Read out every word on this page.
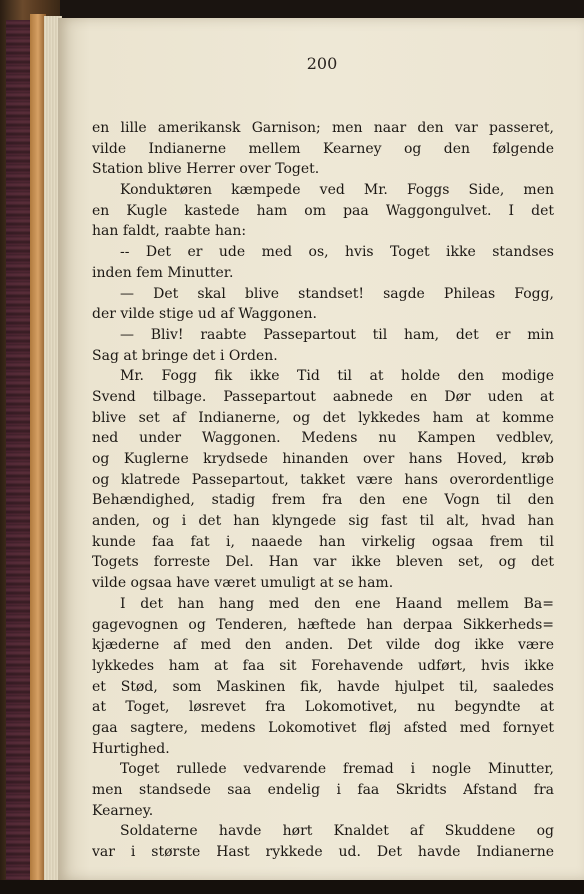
200
en lille amerikansk Garnison; men naar den var passeret,
vilde Indianerne mellem Kearney og den følgende
Station blive Herrer over Toget.
Konduktøren kæmpede ved Mr. Foggs Side, men
en Kugle kastede ham om paa Waggongulvet. I det
han faldt, raabte han:
-- Det er ude med os, hvis Toget ikke standses
inden fem Minutter.
— Det skal blive standset! sagde Phileas Fogg,
der vilde stige ud af Waggonen.
— Bliv! raabte Passepartout til ham, det er min
Sag at bringe det i Orden.
Mr. Fogg fik ikke Tid til at holde den modige
Svend tilbage. Passepartout aabnede en Dør uden at
blive set af Indianerne, og det lykkedes ham at komme
ned under Waggonen. Medens nu Kampen vedblev,
og Kuglerne krydsede hinanden over hans Hoved, krøb
og klatrede Passepartout, takket være hans overordentlige
Behændighed, stadig frem fra den ene Vogn til den
anden, og i det han klyngede sig fast til alt, hvad han
kunde faa fat i, naaede han virkelig ogsaa frem til
Togets forreste Del. Han var ikke bleven set, og det
vilde ogsaa have været umuligt at se ham.
I det han hang med den ene Haand mellem Ba=
gagevognen og Tenderen, hæftede han derpaa Sikkerheds=
kjæderne af med den anden. Det vilde dog ikke være
lykkedes ham at faa sit Forehavende udført, hvis ikke
et Stød, som Maskinen fik, havde hjulpet til, saaledes
at Toget, løsrevet fra Lokomotivet, nu begyndte at
gaa sagtere, medens Lokomotivet fløj afsted med fornyet
Hurtighed.
Toget rullede vedvarende fremad i nogle Minutter,
men standsede saa endelig i faa Skridts Afstand fra
Kearney.
Soldaterne havde hørt Knaldet af Skuddene og
var i største Hast rykkede ud. Det havde Indianerne
